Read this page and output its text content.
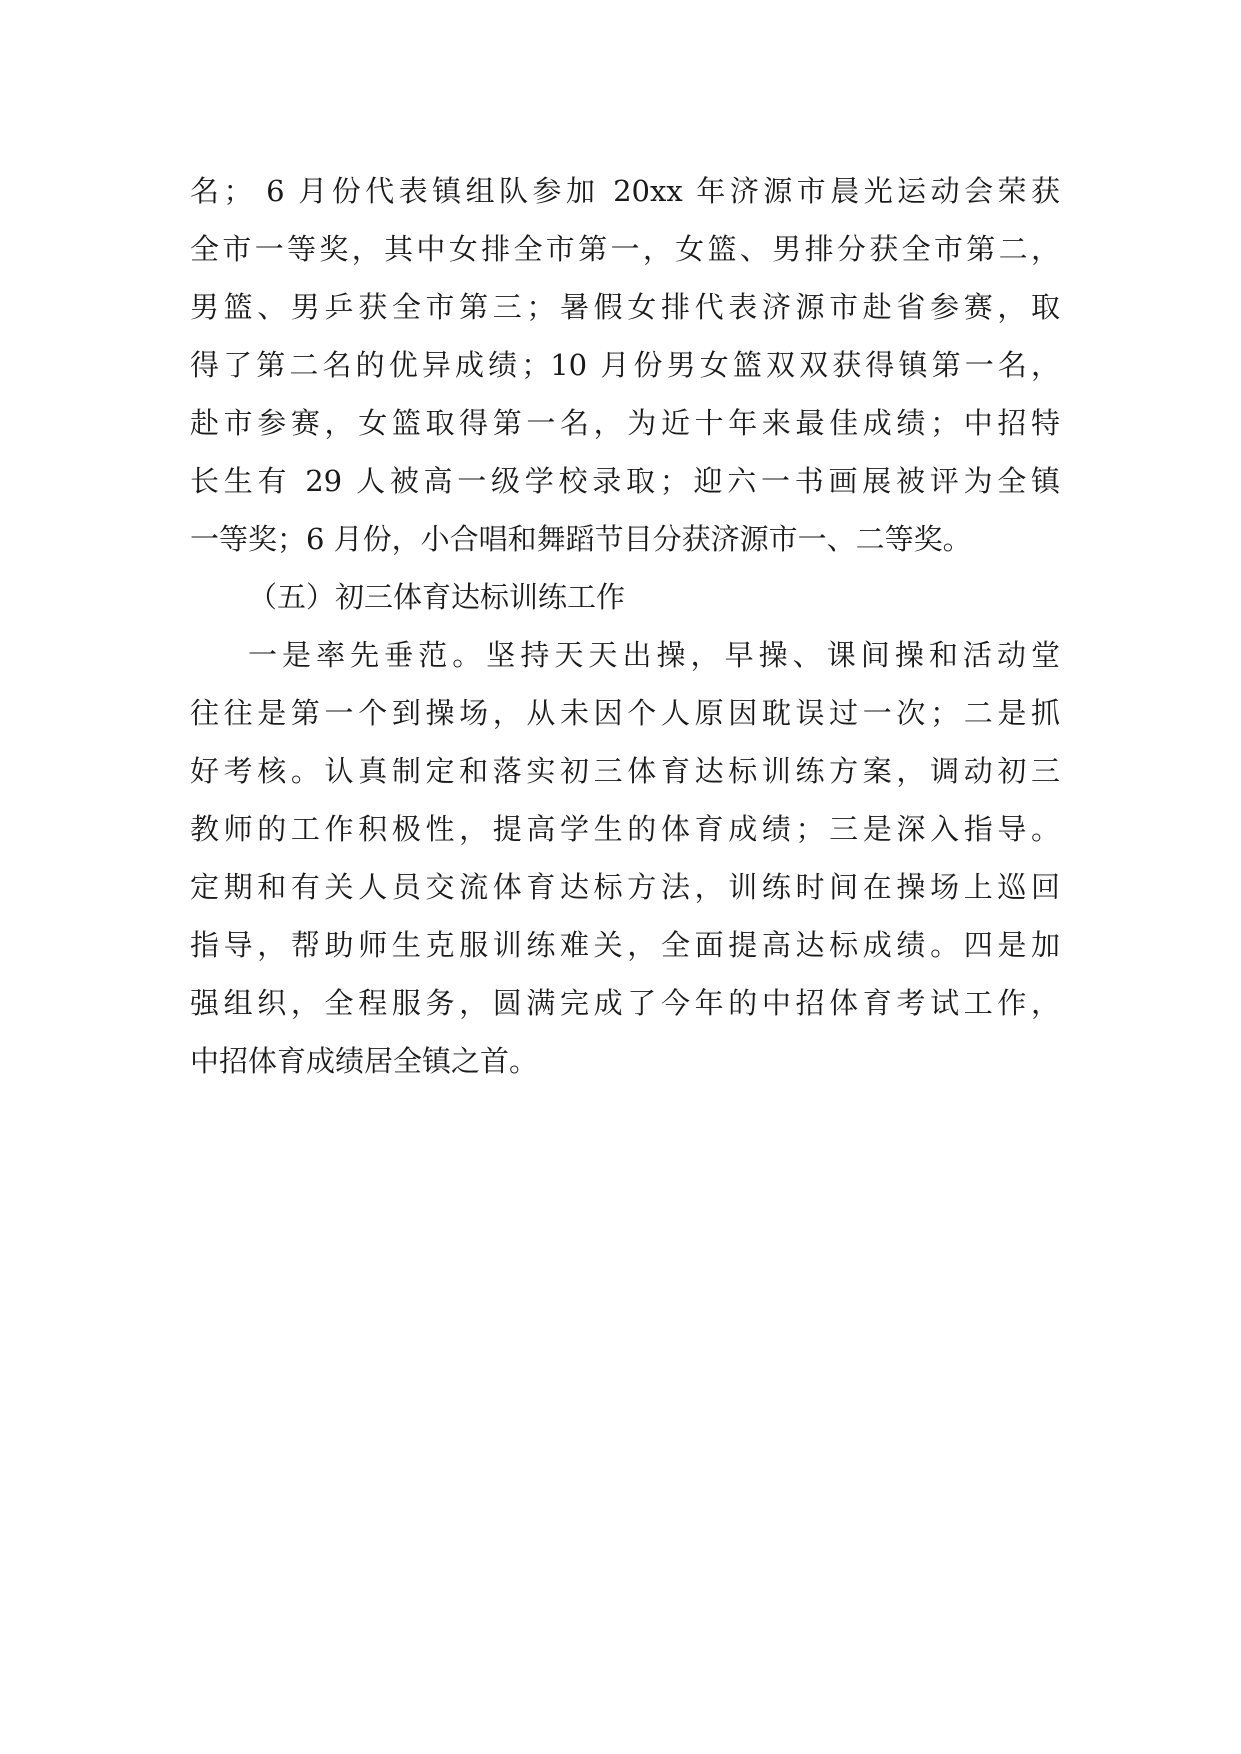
名； 6 月份代表镇组队参加 20xx 年济源市晨光运动会荣获
全市一等奖，其中女排全市第一，女篮、男排分获全市第二，
男篮、男乒获全市第三；暑假女排代表济源市赴省参赛，取
得了第二名的优异成绩；10 月份男女篮双双获得镇第一名，
赴市参赛，女篮取得第一名，为近十年来最佳成绩；中招特
长生有 29 人被高一级学校录取；迎六一书画展被评为全镇
一等奖；6 月份，小合唱和舞蹈节目分获济源市一、二等奖。
（五）初三体育达标训练工作
一是率先垂范。坚持天天出操，早操、课间操和活动堂
往往是第一个到操场，从未因个人原因耽误过一次；二是抓
好考核。认真制定和落实初三体育达标训练方案，调动初三
教师的工作积极性，提高学生的体育成绩；三是深入指导。
定期和有关人员交流体育达标方法，训练时间在操场上巡回
指导，帮助师生克服训练难关，全面提高达标成绩。四是加
强组织，全程服务，圆满完成了今年的中招体育考试工作，
中招体育成绩居全镇之首。
